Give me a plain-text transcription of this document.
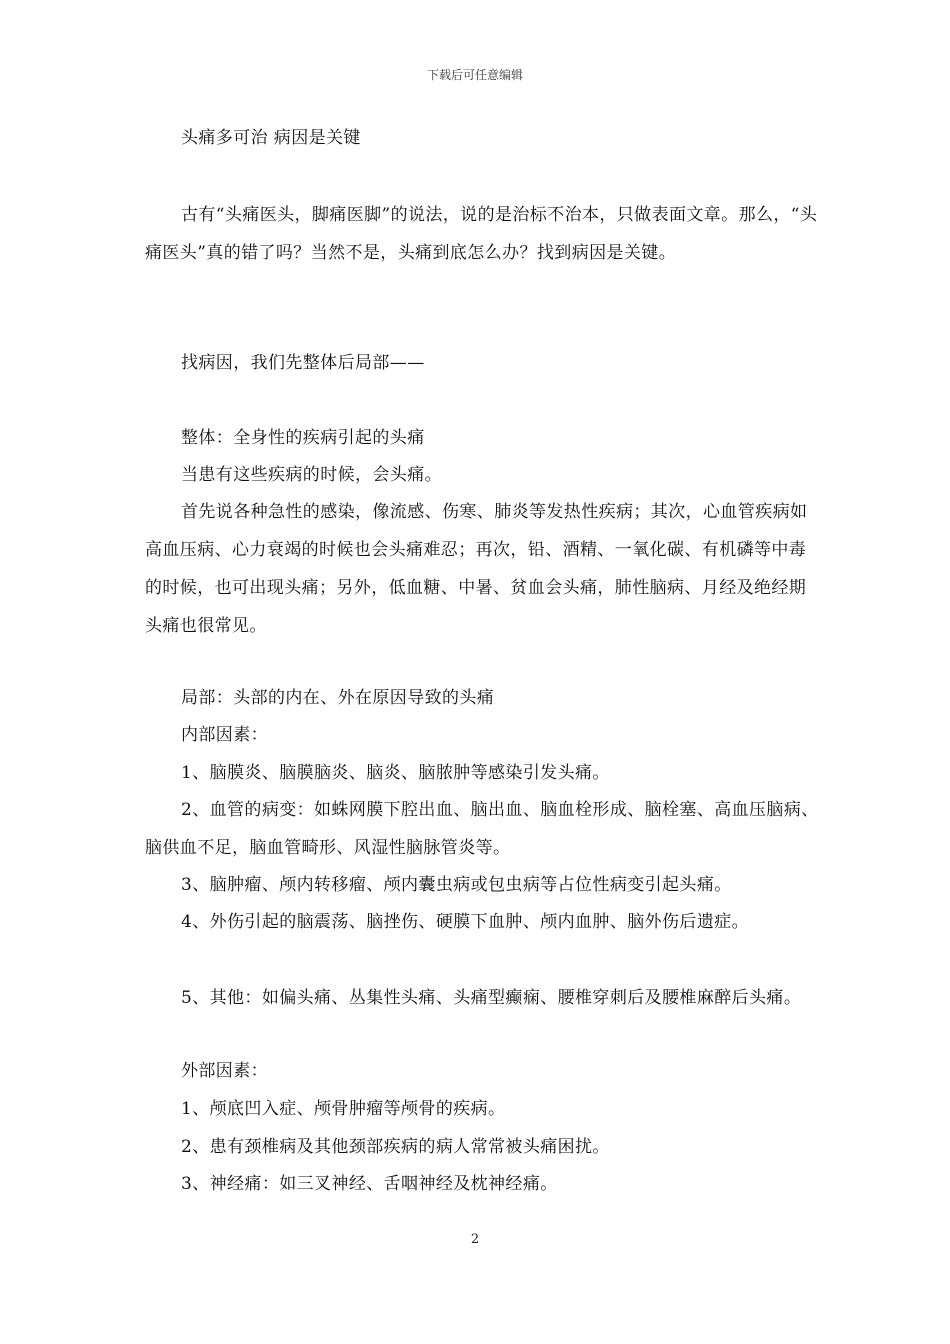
下载后可任意编辑
头痛多可治 病因是关键
古有“头痛医头，脚痛医脚”的说法，说的是治标不治本，只做表面文章。那么，“头痛医头”真的错了吗？当然不是，头痛到底怎么办？找到病因是关键。
找病因，我们先整体后局部——
整体：全身性的疾病引起的头痛
当患有这些疾病的时候，会头痛。
首先说各种急性的感染，像流感、伤寒、肺炎等发热性疾病；其次，心血管疾病如高血压病、心力衰竭的时候也会头痛难忍；再次，铅、酒精、一氧化碳、有机磷等中毒的时候，也可出现头痛；另外，低血糖、中暑、贫血会头痛，肺性脑病、月经及绝经期头痛也很常见。
局部：头部的内在、外在原因导致的头痛
内部因素：
1、脑膜炎、脑膜脑炎、脑炎、脑脓肿等感染引发头痛。
2、血管的病变：如蛛网膜下腔出血、脑出血、脑血栓形成、脑栓塞、高血压脑病、脑供血不足，脑血管畸形、风湿性脑脉管炎等。
3、脑肿瘤、颅内转移瘤、颅内囊虫病或包虫病等占位性病变引起头痛。
4、外伤引起的脑震荡、脑挫伤、硬膜下血肿、颅内血肿、脑外伤后遗症。
5、其他：如偏头痛、丛集性头痛、头痛型癫痫、腰椎穿刺后及腰椎麻醉后头痛。
外部因素：
1、颅底凹入症、颅骨肿瘤等颅骨的疾病。
2、患有颈椎病及其他颈部疾病的病人常常被头痛困扰。
3、神经痛：如三叉神经、舌咽神经及枕神经痛。
2
